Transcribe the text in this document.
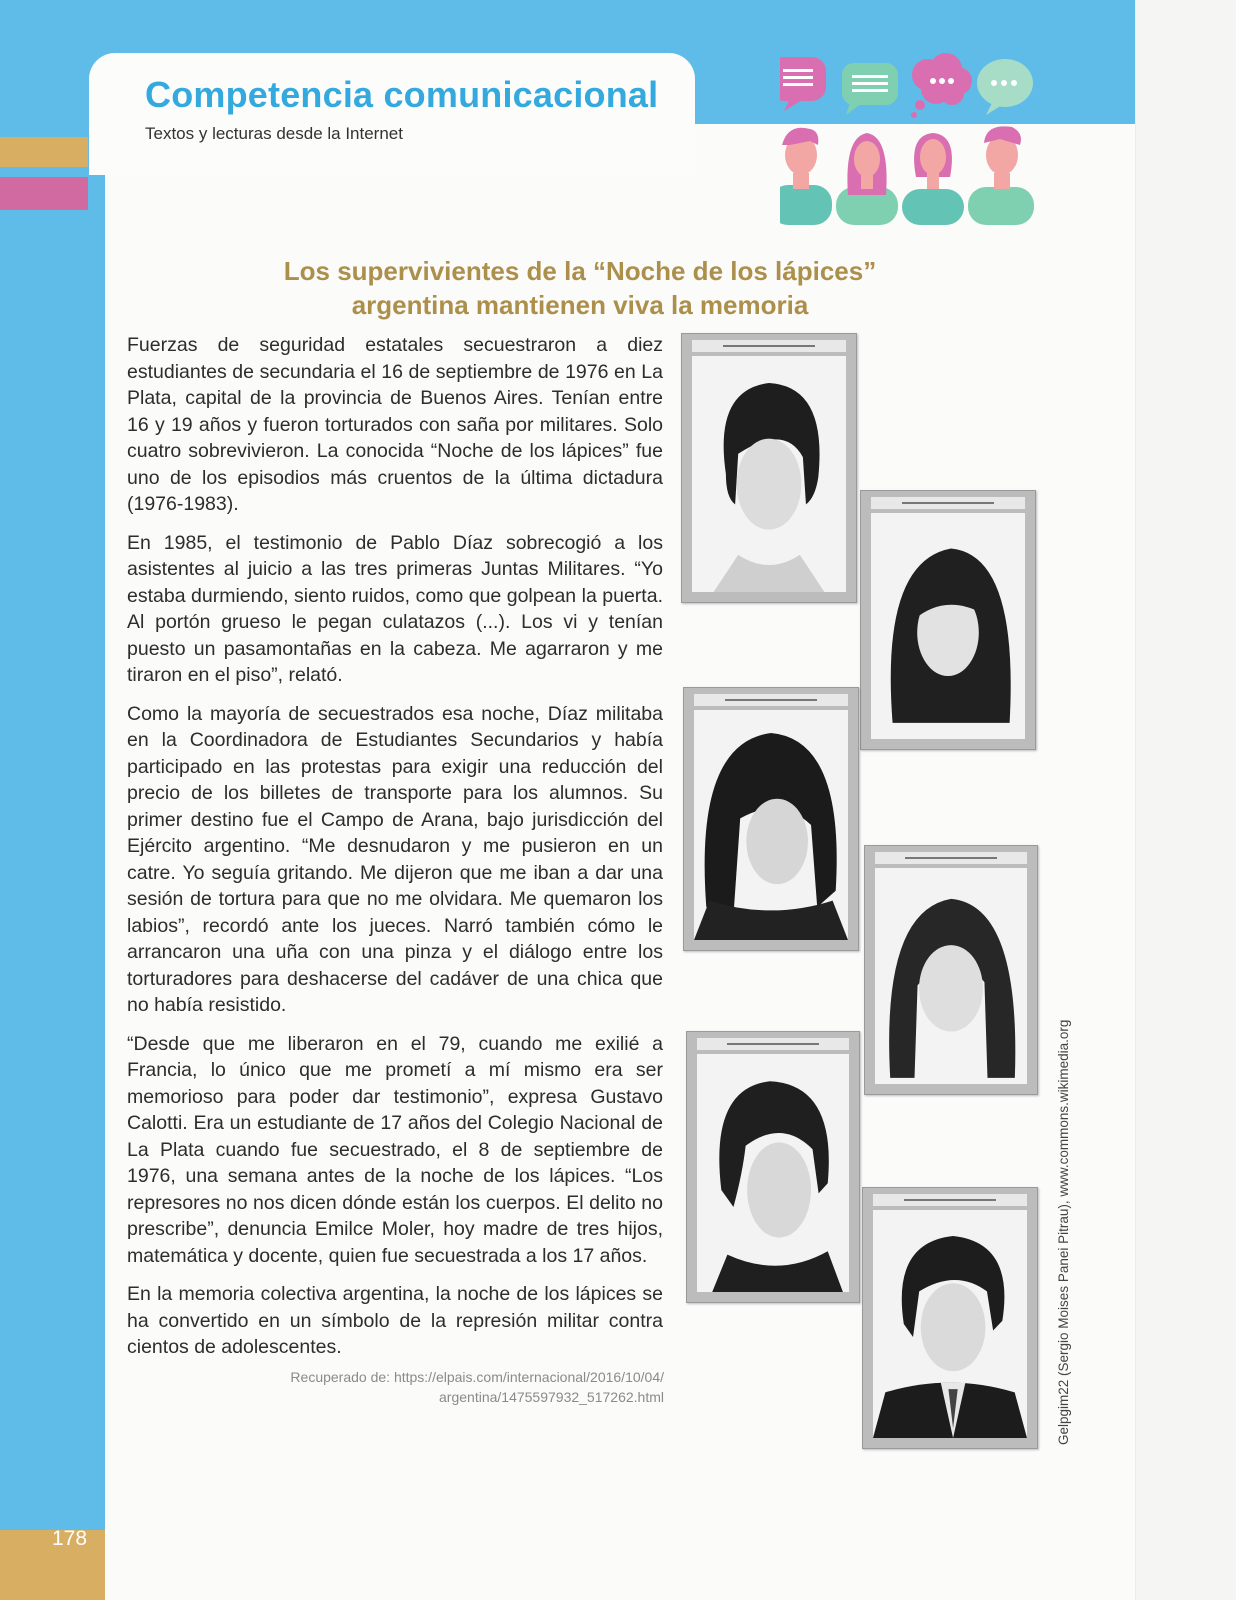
178
Competencia comunicacional
Textos y lecturas desde la Internet
Los supervivientes de la “Noche de los lápices”
argentina mantienen viva la memoria

Fuerzas de seguridad estatales secuestraron a diez estudiantes de secundaria el 16 de septiembre de 1976 en La Plata, capital de la provincia de Buenos Aires. Tenían entre 16 y 19 años y fueron torturados con saña por militares. Solo cuatro sobrevivieron. La conocida “Noche de los lápices” fue uno de los episodios más cruentos de la última dictadura (1976-1983).

En 1985, el testimonio de Pablo Díaz sobrecogió a los asistentes al juicio a las tres primeras Juntas Militares. “Yo estaba durmiendo, siento ruidos, como que golpean la puerta. Al portón grueso le pegan culatazos (...). Los vi y tenían puesto un pasamontañas en la cabeza. Me agarraron y me tiraron en el piso”, relató.

Como la mayoría de secuestrados esa noche, Díaz militaba en la Coordinadora de Estudiantes Secundarios y había participado en las protestas para exigir una reducción del precio de los billetes de transporte para los alumnos. Su primer destino fue el Campo de Arana, bajo jurisdicción del Ejército argentino. “Me desnudaron y me pusieron en un catre. Yo seguía gritando. Me dijeron que me iban a dar una sesión de tortura para que no me olvidara. Me quemaron los labios”, recordó ante los jueces. Narró también cómo le arrancaron una uña con una pinza y el diálogo entre los torturadores para deshacerse del cadáver de una chica que no había resistido.

“Desde que me liberaron en el 79, cuando me exilié a Francia, lo único que me prometí a mí mismo era ser memorioso para poder dar testimonio”, expresa Gustavo Calotti. Era un estudiante de 17 años del Colegio Nacional de La Plata cuando fue secuestrado, el 8 de septiembre de 1976, una semana antes de la noche de los lápices. “Los represores no nos dicen dónde están los cuerpos. El delito no prescribe”, denuncia Emilce Moler, hoy madre de tres hijos, matemática y docente, quien fue secuestrada a los 17 años.

En la memoria colectiva argentina, la noche de los lápices se ha convertido en un símbolo de la represión militar contra cientos de adolescentes.

Recuperado de: https://elpais.com/internacional/2016/10/04/
argentina/1475597932_517262.html	Gelpgim22 (Sergio Moises Panei Pitrau), www.commons.wikimedia.org
